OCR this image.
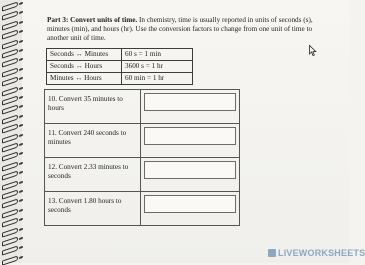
Part 3: Convert units of time. In chemistry, time is usually reported in units of seconds (s), minutes (min), and hours (hr). Use the conversion factors to change from one unit of time to another unit of time.
Seconds ↔ Minutes	60 s = 1 min
Seconds ↔ Hours	3600 s = 1 hr
Minutes ↔ Hours	60 min = 1 hr
10. Convert 35 minutes to hours	

11. Convert 240 seconds to minutes	

12. Convert 2.33 minutes to seconds	

13. Convert 1.80 hours to seconds	
LIVEWORKSHEETS
